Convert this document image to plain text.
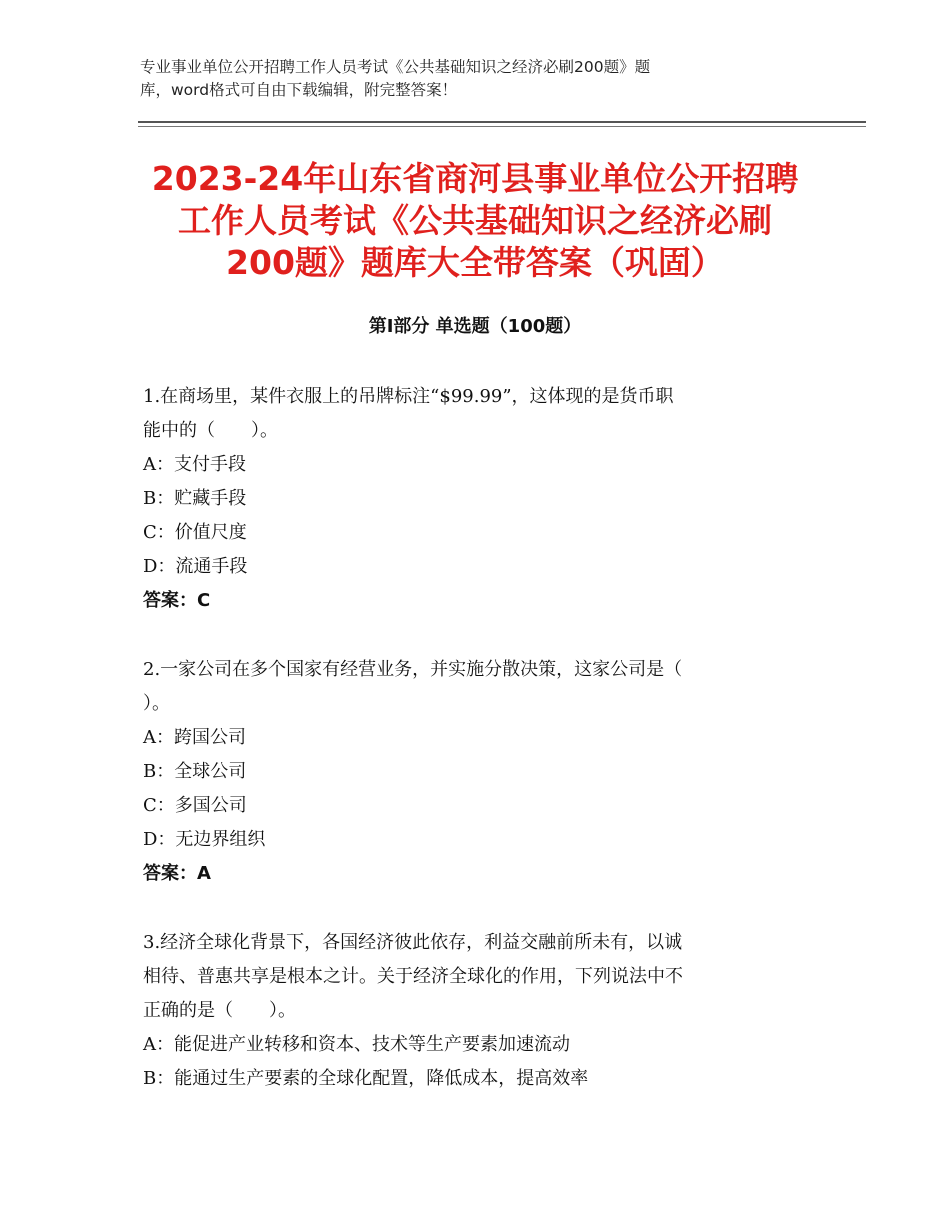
专业事业单位公开招聘工作人员考试《公共基础知识之经济必刷200题》题
库，word格式可自由下载编辑，附完整答案！
2023-24年山东省商河县事业单位公开招聘
工作人员考试《公共基础知识之经济必刷
200题》题库大全带答案（巩固）
第Ⅰ部分 单选题（100题）

1.在商场里，某件衣服上的吊牌标注“$99.99”，这体现的是货币职

能中的（　　）。

A：支付手段

B：贮藏手段

C：价值尺度

D：流通手段

答案：C

2.一家公司在多个国家有经营业务，并实施分散决策，这家公司是（

）。

A：跨国公司

B：全球公司

C：多国公司

D：无边界组织

答案：A

3.经济全球化背景下，各国经济彼此依存，利益交融前所未有，以诚

相待、普惠共享是根本之计。关于经济全球化的作用，下列说法中不

正确的是（　　）。

A：能促进产业转移和资本、技术等生产要素加速流动

B：能通过生产要素的全球化配置，降低成本，提高效率
